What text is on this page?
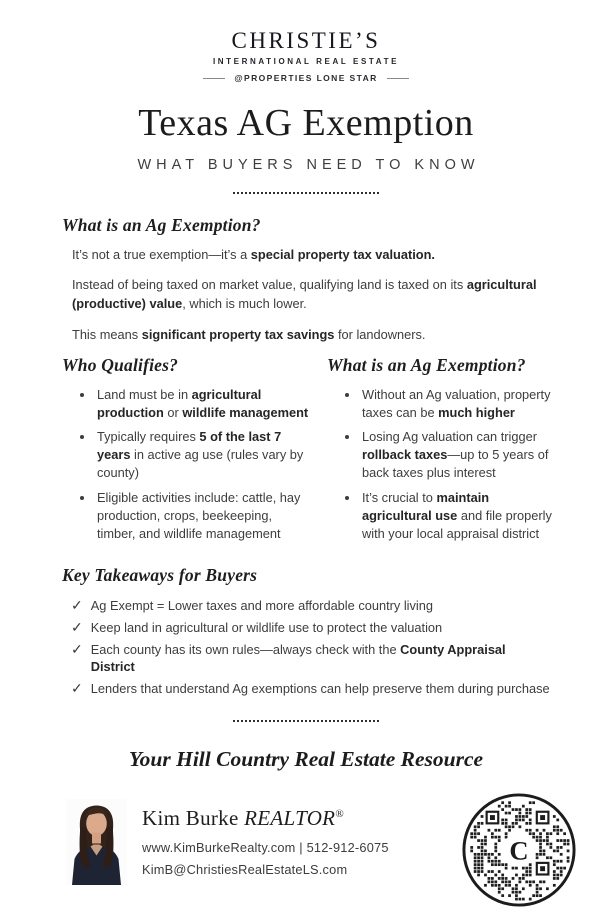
CHRISTIE’S
INTERNATIONAL REAL ESTATE
@PROPERTIES LONE STAR
Texas AG Exemption
WHAT BUYERS NEED TO KNOW
What is an Ag Exemption?

It’s not a true exemption—it’s a special property tax valuation.

Instead of being taxed on market value, qualifying land is taxed on its agricultural (productive) value, which is much lower.

This means significant property tax savings for landowners.

Who Qualifies?
• Land must be in agricultural production or wildlife management
• Typically requires 5 of the last 7 years in active ag use (rules vary by county)
• Eligible activities include: cattle, hay production, crops, beekeeping, timber, and wildlife management
What is an Ag Exemption?
• Without an Ag valuation, property taxes can be much higher
• Losing Ag valuation can trigger rollback taxes—up to 5 years of back taxes plus interest
• It’s crucial to maintain agricultural use and file properly with your local appraisal district
Key Takeaways for Buyers
✓ Ag Exempt = Lower taxes and more affordable country living
✓ Keep land in agricultural or wildlife use to protect the valuation
✓ Each county has its own rules—always check with the County Appraisal District
✓ Lenders that understand Ag exemptions can help preserve them during purchase
Your Hill Country Real Estate Resource
Kim Burke REALTOR®
www.KimBurkeRealty.com | 512-912-6075
KimB@ChristiesRealEstateLS.com
C
